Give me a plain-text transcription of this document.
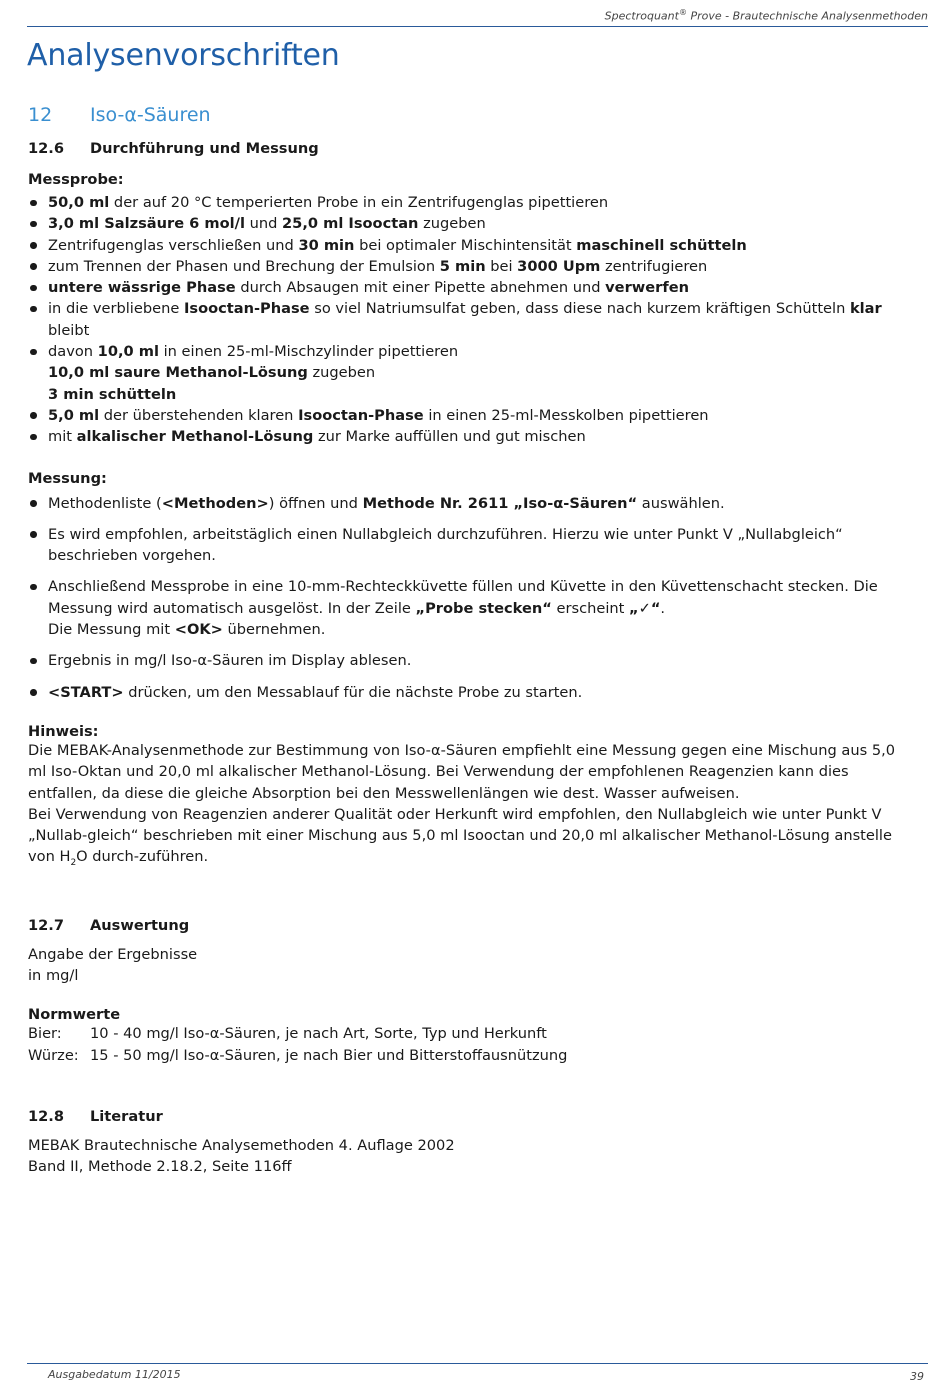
Spectroquant® Prove - Brautechnische Analysenmethoden
Analysenvorschriften
12	Iso-α-Säuren
12.6	Durchführung und Messung

Messprobe:

50,0 ml der auf 20 °C temperierten Probe in ein Zentrifugenglas pipettieren
3,0 ml Salzsäure 6 mol/l und 25,0 ml Isooctan zugeben
Zentrifugenglas verschließen und 30 min bei optimaler Mischintensität maschinell schütteln
zum Trennen der Phasen und Brechung der Emulsion 5 min bei 3000 Upm zentrifugieren
untere wässrige Phase durch Absaugen mit einer Pipette abnehmen und verwerfen
in die verbliebene Isooctan-Phase so viel Natriumsulfat geben, dass diese nach kurzem kräftigen Schütteln klar bleibt
davon 10,0 ml in einen 25-ml-Mischzylinder pipettieren
10,0 ml saure Methanol-Lösung zugeben
3 min schütteln
5,0 ml der überstehenden klaren Isooctan-Phase in einen 25-ml-Messkolben pipettieren
mit alkalischer Methanol-Lösung zur Marke auffüllen und gut mischen

Messung:

Methodenliste (<Methoden>) öffnen und Methode Nr. 2611 „Iso-α-Säuren“ auswählen.
Es wird empfohlen, arbeitstäglich einen Nullabgleich durchzuführen. Hierzu wie unter Punkt V „Nullabgleich“ beschrieben vorgehen.
Anschließend Messprobe in eine 10-mm-Rechteckküvette füllen und Küvette in den Küvettenschacht stecken. Die Messung wird automatisch ausgelöst. In der Zeile „Probe stecken“ erscheint „✓“.
Die Messung mit <OK> übernehmen.
Ergebnis in mg/l Iso-α-Säuren im Display ablesen.
<START> drücken, um den Messablauf für die nächste Probe zu starten.

Hinweis:

Die MEBAK-Analysenmethode zur Bestimmung von Iso-α-Säuren empfiehlt eine Messung gegen eine Mischung aus 5,0 ml Iso-Oktan und 20,0 ml alkalischer Methanol-Lösung. Bei Verwendung der empfohlenen Reagenzien kann dies entfallen, da diese die gleiche Absorption bei den Messwellenlängen wie dest. Wasser aufweisen.

Bei Verwendung von Reagenzien anderer Qualität oder Herkunft wird empfohlen, den Nullabgleich wie unter Punkt V „Nullab-gleich“ beschrieben mit einer Mischung aus 5,0 ml Isooctan und 20,0 ml alkalischer Methanol-Lösung anstelle von $H_2O$ durch-zuführen.

12.7	Auswertung

Angabe der Ergebnisse

in mg/l

Normwerte

Bier:	10 - 40 mg/l Iso-α-Säuren, je nach Art, Sorte, Typ und Herkunft
Würze:	15 - 50 mg/l Iso-α-Säuren, je nach Bier und Bitterstoffausnützung
12.8	Literatur

MEBAK Brautechnische Analysemethoden 4. Auflage 2002

Band II, Methode 2.18.2, Seite 116ff

Ausgabedatum 11/2015	39
